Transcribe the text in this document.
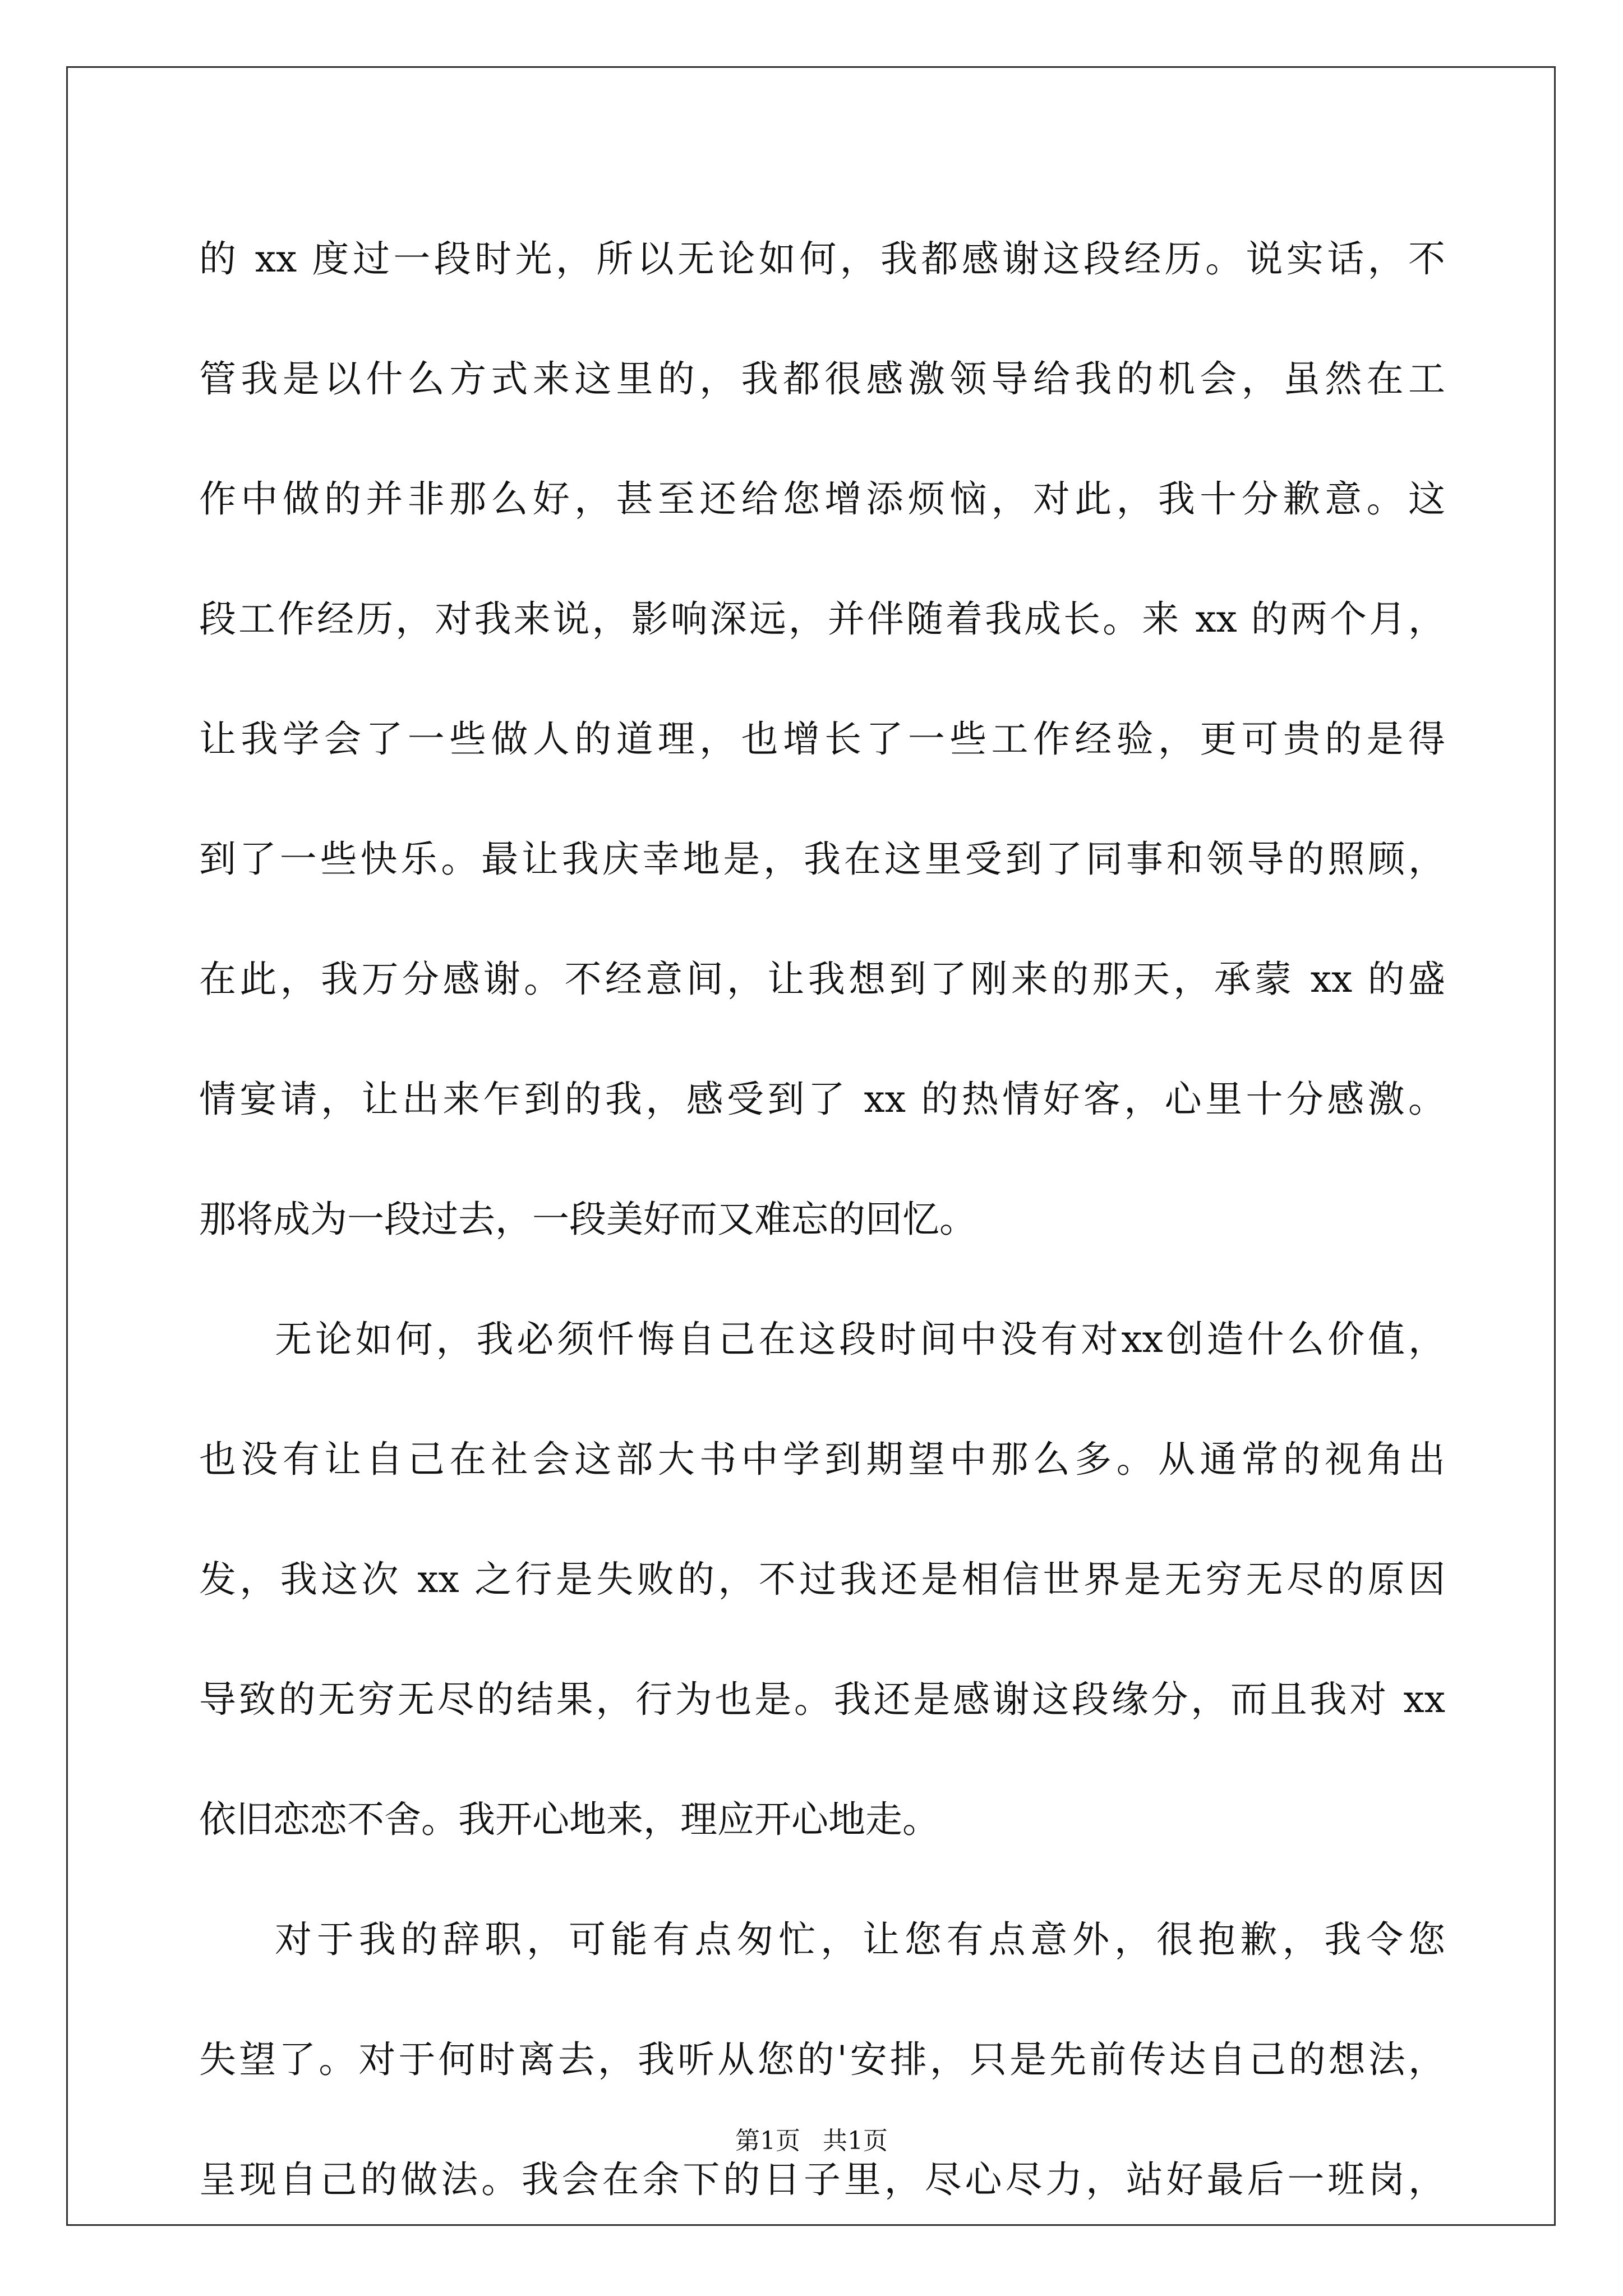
的 xx 度过一段时光，所以无论如何，我都感谢这段经历。说实话，不
管我是以什么方式来这里的，我都很感激领导给我的机会，虽然在工
作中做的并非那么好，甚至还给您增添烦恼，对此，我十分歉意。这
段工作经历，对我来说，影响深远，并伴随着我成长。来 xx 的两个月，
让我学会了一些做人的道理，也增长了一些工作经验，更可贵的是得
到了一些快乐。最让我庆幸地是，我在这里受到了同事和领导的照顾，
在此，我万分感谢。不经意间，让我想到了刚来的那天，承蒙 xx 的盛
情宴请，让出来乍到的我，感受到了 xx 的热情好客，心里十分感激。
那将成为一段过去，一段美好而又难忘的回忆。

无论如何，我必须忏悔自己在这段时间中没有对xx创造什么价值，
也没有让自己在社会这部大书中学到期望中那么多。从通常的视角出
发，我这次 xx 之行是失败的，不过我还是相信世界是无穷无尽的原因
导致的无穷无尽的结果，行为也是。我还是感谢这段缘分，而且我对 xx
依旧恋恋不舍。我开心地来，理应开心地走。

对于我的辞职，可能有点匆忙，让您有点意外，很抱歉，我令您
失望了。对于何时离去，我听从您的'安排，只是先前传达自己的想法，
呈现自己的做法。我会在余下的日子里，尽心尽力，站好最后一班岗，

第1页 共1页
